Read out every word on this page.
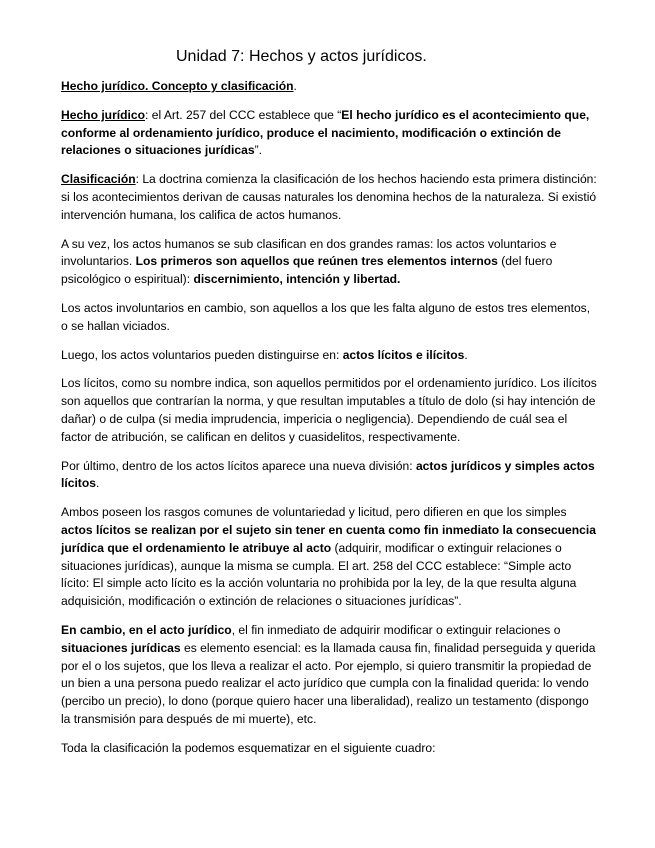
Unidad 7: Hechos y actos jurídicos.

Hecho jurídico. Concepto y clasificación.

Hecho jurídico: el Art. 257 del CCC establece que “El hecho jurídico es el acontecimiento que, conforme al ordenamiento jurídico, produce el nacimiento, modificación o extinción de relaciones o situaciones jurídicas”.

Clasificación: La doctrina comienza la clasificación de los hechos haciendo esta primera distinción: si los acontecimientos derivan de causas naturales los denomina hechos de la naturaleza. Si existió intervención humana, los califica de actos humanos.

A su vez, los actos humanos se sub clasifican en dos grandes ramas: los actos voluntarios e involuntarios. Los primeros son aquellos que reúnen tres elementos internos (del fuero psicológico o espiritual): discernimiento, intención y libertad.

Los actos involuntarios en cambio, son aquellos a los que les falta alguno de estos tres elementos, o se hallan viciados.

Luego, los actos voluntarios pueden distinguirse en: actos lícitos e ilícitos.

Los lícitos, como su nombre indica, son aquellos permitidos por el ordenamiento jurídico. Los ilícitos son aquellos que contrarían la norma, y que resultan imputables a título de dolo (si hay intención de dañar) o de culpa (si media imprudencia, impericia o negligencia). Dependiendo de cuál sea el factor de atribución, se califican en delitos y cuasidelitos, respectivamente.

Por último, dentro de los actos lícitos aparece una nueva división: actos jurídicos y simples actos lícitos.

Ambos poseen los rasgos comunes de voluntariedad y licitud, pero difieren en que los simples actos lícitos se realizan por el sujeto sin tener en cuenta como fin inmediato la consecuencia jurídica que el ordenamiento le atribuye al acto (adquirir, modificar o extinguir relaciones o situaciones jurídicas), aunque la misma se cumpla. El art. 258 del CCC establece: “Simple acto lícito: El simple acto lícito es la acción voluntaria no prohibida por la ley, de la que resulta alguna adquisición, modificación o extinción de relaciones o situaciones jurídicas”.

En cambio, en el acto jurídico, el fin inmediato de adquirir modificar o extinguir relaciones o situaciones jurídicas es elemento esencial: es la llamada causa fin, finalidad perseguida y querida por el o los sujetos, que los lleva a realizar el acto. Por ejemplo, si quiero transmitir la propiedad de un bien a una persona puedo realizar el acto jurídico que cumpla con la finalidad querida: lo vendo (percibo un precio), lo dono (porque quiero hacer una liberalidad), realizo un testamento (dispongo la transmisión para después de mi muerte), etc.

Toda la clasificación la podemos esquematizar en el siguiente cuadro:
